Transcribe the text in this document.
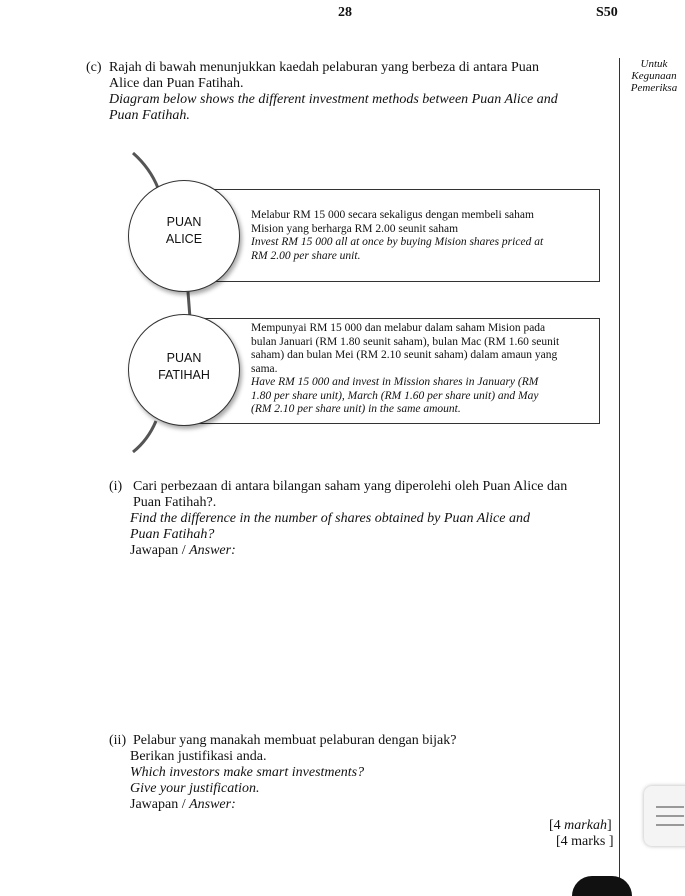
28	S50
Untuk
Kegunaan
Pemeriksa
(c) Rajah di bawah menunjukkan kaedah pelaburan yang berbeza di antara Puan
Alice dan Puan Fatihah.
Diagram below shows the different investment methods between Puan Alice and
Puan Fatihah.
Melabur RM 15 000 secara sekaligus dengan membeli saham
Mision yang berharga RM 2.00 seunit saham
Invest RM 15 000 all at once by buying Mision shares priced at
RM 2.00 per share unit.
PUAN
ALICE
Mempunyai RM 15 000 dan melabur dalam saham Mision pada
bulan Januari (RM 1.80 seunit saham), bulan Mac (RM 1.60 seunit
saham) dan bulan Mei (RM 2.10 seunit saham) dalam amaun yang
sama.
Have RM 15 000 and invest in Mission shares in January (RM
1.80 per share unit), March (RM 1.60 per share unit) and May
(RM 2.10 per share unit) in the same amount.
PUAN
FATIHAH
(i) Cari perbezaan di antara bilangan saham yang diperolehi oleh Puan Alice dan
Puan Fatihah?.
Find the difference in the number of shares obtained by Puan Alice and
Puan Fatihah?
Jawapan / Answer:
(ii) Pelabur yang manakah membuat pelaburan dengan bijak?
Berikan justifikasi anda.
Which investors make smart investments?
Give your justification.
Jawapan / Answer:
[4 markah]
[4 marks ]
